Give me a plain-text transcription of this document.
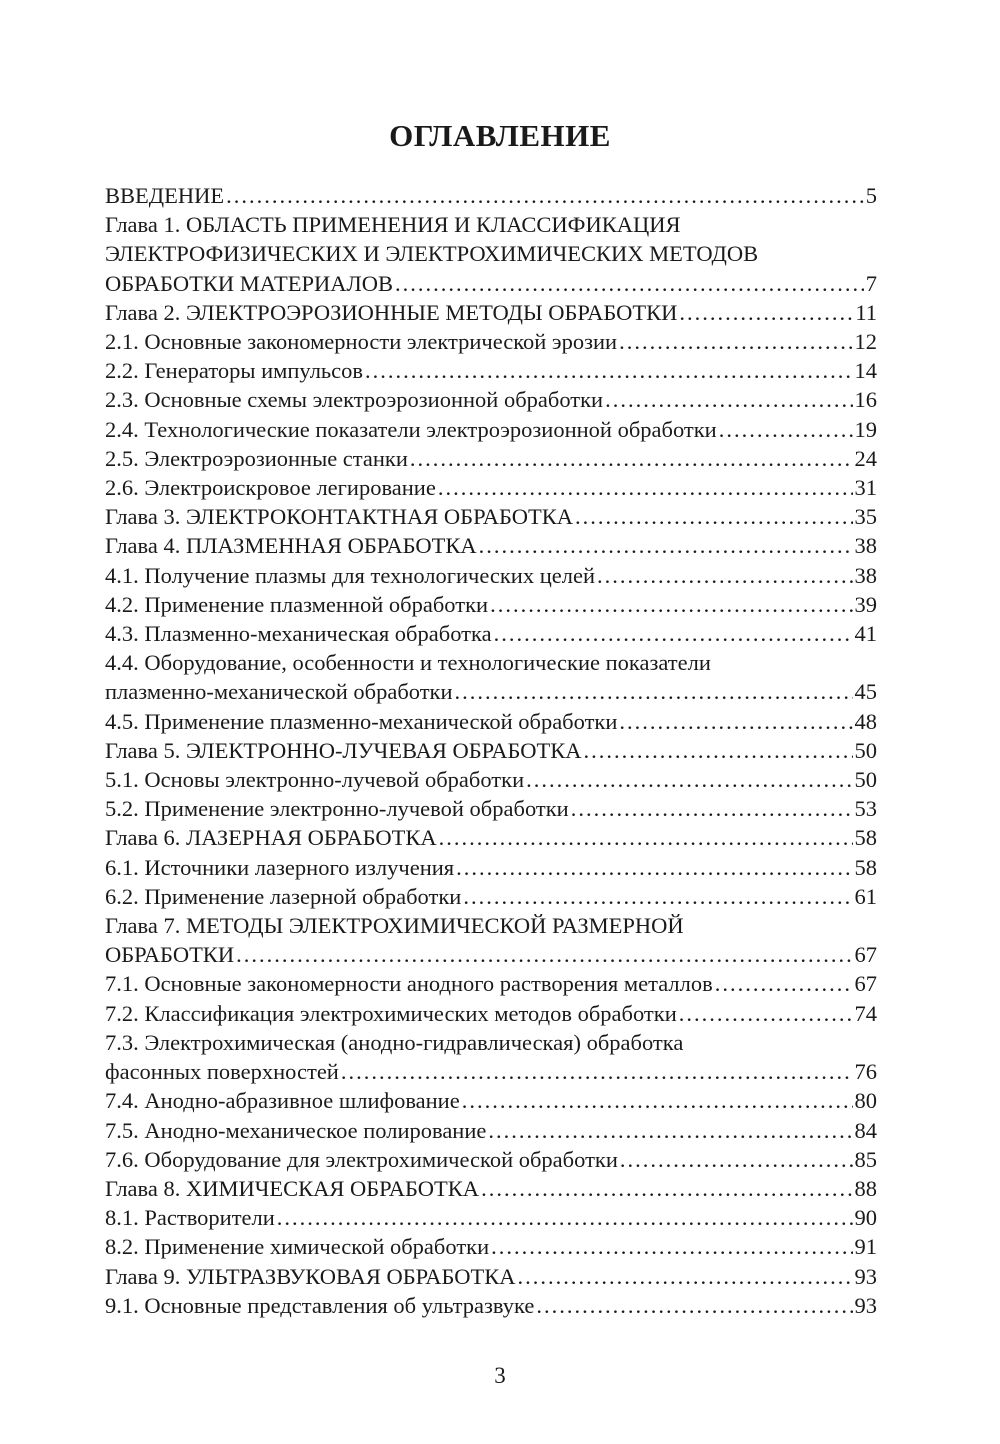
ОГЛАВЛЕНИЕ
ВВЕДЕНИЕ .....	5
Глава 1. ОБЛАСТЬ ПРИМЕНЕНИЯ И КЛАССИФИКАЦИЯ ЭЛЕКТРОФИЗИЧЕСКИХ И ЭЛЕКТРОХИМИЧЕСКИХ МЕТОДОВ
ОБРАБОТКИ МАТЕРИАЛОВ .....	7
Глава 2. ЭЛЕКТРОЭРОЗИОННЫЕ МЕТОДЫ ОБРАБОТКИ .....	11
2.1. Основные закономерности электрической эрозии .....	12
2.2. Генераторы импульсов .....	14
2.3. Основные схемы электроэрозионной обработки .....	16
2.4. Технологические показатели электроэрозионной обработки .....	19
2.5. Электроэрозионные станки .....	24
2.6. Электроискровое легирование .....	31
Глава 3. ЭЛЕКТРОКОНТАКТНАЯ ОБРАБОТКА .....	35
Глава 4. ПЛАЗМЕННАЯ ОБРАБОТКА .....	38
4.1. Получение плазмы для технологических целей .....	38
4.2. Применение плазменной обработки .....	39
4.3. Плазменно-механическая обработка .....	41
4.4. Оборудование, особенности и технологические показатели
плазменно-механической обработки .....	45
4.5. Применение плазменно-механической обработки .....	48
Глава 5. ЭЛЕКТРОННО-ЛУЧЕВАЯ ОБРАБОТКА .....	50
5.1. Основы электронно-лучевой обработки .....	50
5.2. Применение электронно-лучевой обработки .....	53
Глава 6. ЛАЗЕРНАЯ ОБРАБОТКА .....	58
6.1. Источники лазерного излучения .....	58
6.2. Применение лазерной обработки .....	61
Глава 7. МЕТОДЫ ЭЛЕКТРОХИМИЧЕСКОЙ РАЗМЕРНОЙ
ОБРАБОТКИ .....	67
7.1. Основные закономерности анодного растворения металлов .....	67
7.2. Классификация электрохимических методов обработки .....	74
7.3. Электрохимическая (анодно-гидравлическая) обработка
фасонных поверхностей .....	76
7.4. Анодно-абразивное шлифование .....	80
7.5. Анодно-механическое полирование .....	84
7.6. Оборудование для электрохимической обработки .....	85
Глава 8. ХИМИЧЕСКАЯ ОБРАБОТКА .....	88
8.1. Растворители .....	90
8.2. Применение химической обработки .....	91
Глава 9. УЛЬТРАЗВУКОВАЯ ОБРАБОТКА .....	93
9.1. Основные представления об ультразвуке .....	93
3
